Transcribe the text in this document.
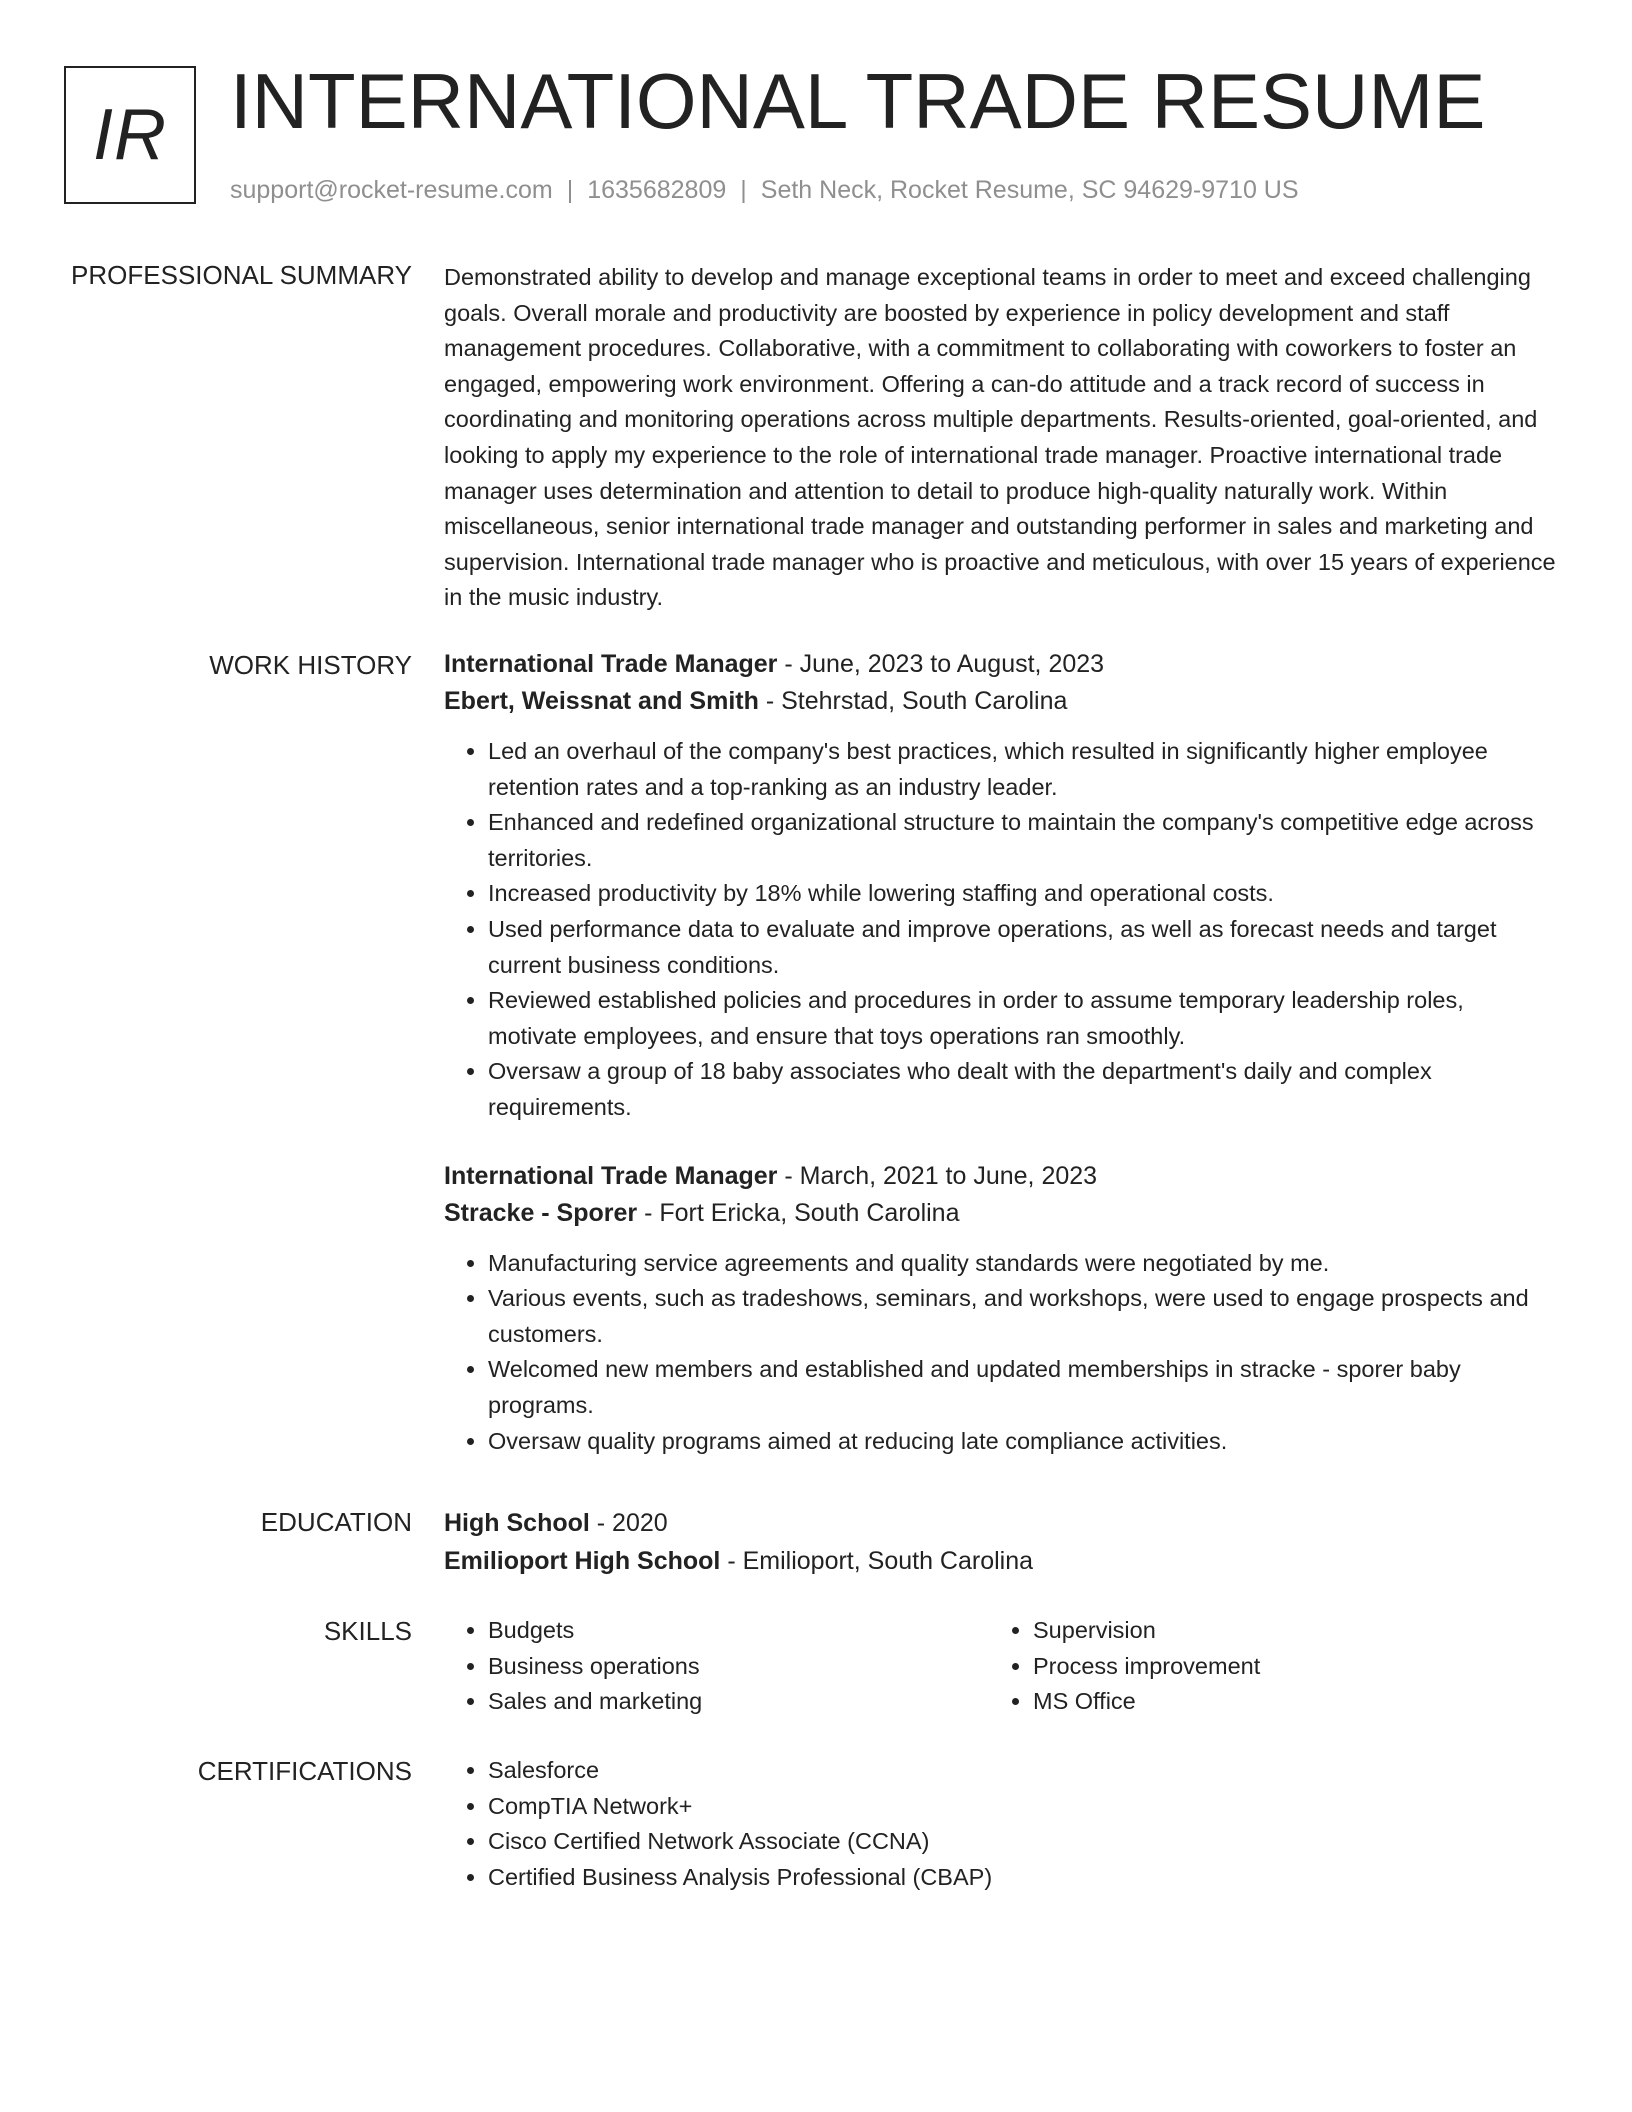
IR INTERNATIONAL TRADE RESUME
support@rocket-resume.com | 1635682809 | Seth Neck, Rocket Resume, SC 94629-9710 US
PROFESSIONAL SUMMARY Demonstrated ability to develop and manage exceptional teams in order to meet and exceed challenging goals. Overall morale and productivity are boosted by experience in policy development and staff management procedures. Collaborative, with a commitment to collaborating with coworkers to foster an engaged, empowering work environment. Offering a can-do attitude and a track record of success in coordinating and monitoring operations across multiple departments. Results-oriented, goal-oriented, and looking to apply my experience to the role of international trade manager. Proactive international trade manager uses determination and attention to detail to produce high-quality naturally work. Within miscellaneous, senior international trade manager and outstanding performer in sales and marketing and supervision. International trade manager who is proactive and meticulous, with over 15 years of experience in the music industry.

WORK HISTORY International Trade Manager - June, 2023 to August, 2023
Ebert, Weissnat and Smith - Stehrstad, South Carolina
• Led an overhaul of the company's best practices, which resulted in significantly higher employee retention rates and a top-ranking as an industry leader.
• Enhanced and redefined organizational structure to maintain the company's competitive edge across territories.
• Increased productivity by 18% while lowering staffing and operational costs.
• Used performance data to evaluate and improve operations, as well as forecast needs and target current business conditions.
• Reviewed established policies and procedures in order to assume temporary leadership roles, motivate employees, and ensure that toys operations ran smoothly.
• Oversaw a group of 18 baby associates who dealt with the department's daily and complex requirements.
International Trade Manager - March, 2021 to June, 2023
Stracke - Sporer - Fort Ericka, South Carolina
• Manufacturing service agreements and quality standards were negotiated by me.
• Various events, such as tradeshows, seminars, and workshops, were used to engage prospects and customers.
• Welcomed new members and established and updated memberships in stracke - sporer baby programs.
• Oversaw quality programs aimed at reducing late compliance activities.
EDUCATION High School - 2020
Emilioport High School - Emilioport, South Carolina
SKILLS	• Budgets
• Business operations
• Sales and marketing
• Supervision
• Process improvement
• MS Office
CERTIFICATIONS	• Salesforce
• CompTIA Network+
• Cisco Certified Network Associate (CCNA)
• Certified Business Analysis Professional (CBAP)
